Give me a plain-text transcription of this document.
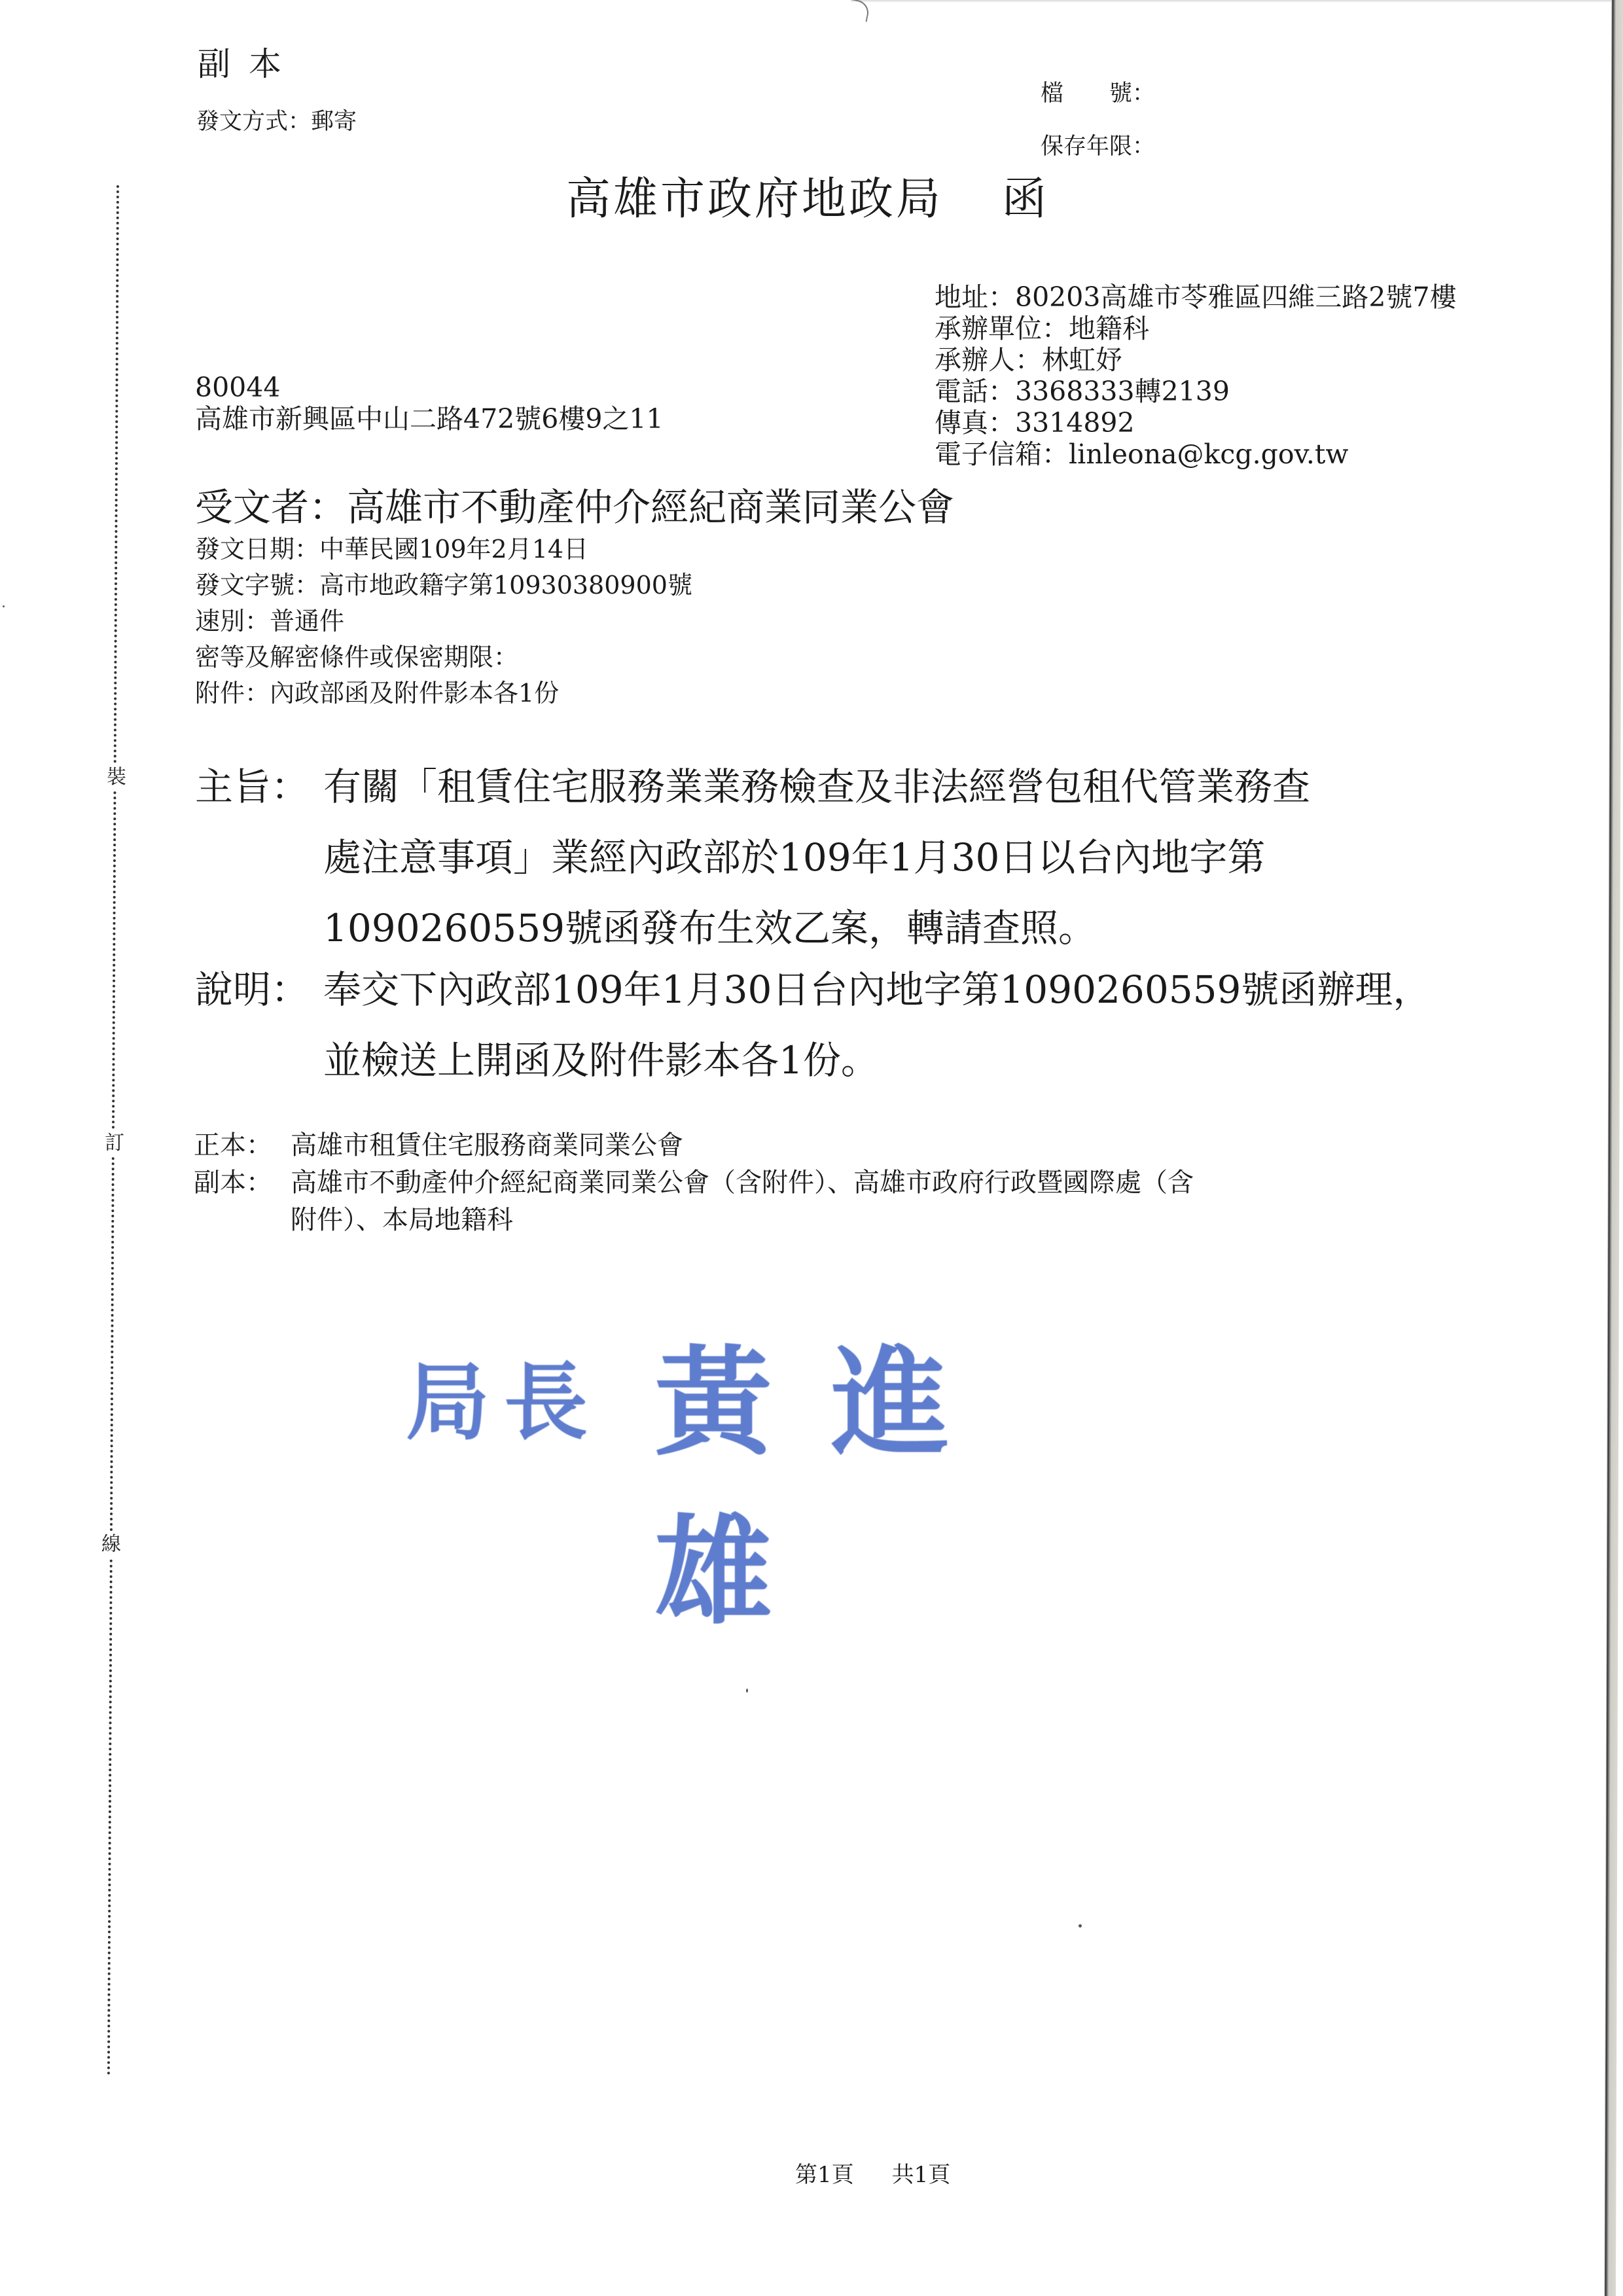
裝
訂
線
副本
發文方式：郵寄
檔　　號：
保存年限：
高雄市政府地政局 函
地址：80203高雄市苓雅區四維三路2號7樓
承辦單位：地籍科
承辦人：林虹妤
電話：3368333轉2139
傳真：3314892
電子信箱：linleona@kcg.gov.tw
80044
高雄市新興區中山二路472號6樓9之11
受文者：高雄市不動產仲介經紀商業同業公會
發文日期：中華民國109年2月14日
發文字號：高市地政籍字第10930380900號
速別：普通件
密等及解密條件或保密期限：
附件：內政部函及附件影本各1份
主旨： 有關「租賃住宅服務業業務檢查及非法經營包租代管業務查
處注意事項」業經內政部於109年1月30日以台內地字第
1090260559號函發布生效乙案，轉請查照。
說明： 奉交下內政部109年1月30日台內地字第1090260559號函辦理，
並檢送上開函及附件影本各1份。
正本： 高雄市租賃住宅服務商業同業公會
副本： 高雄市不動產仲介經紀商業同業公會（含附件）、高雄市政府行政暨國際處（含
附件）、本局地籍科
局長 黃進雄
第1頁 共1頁
